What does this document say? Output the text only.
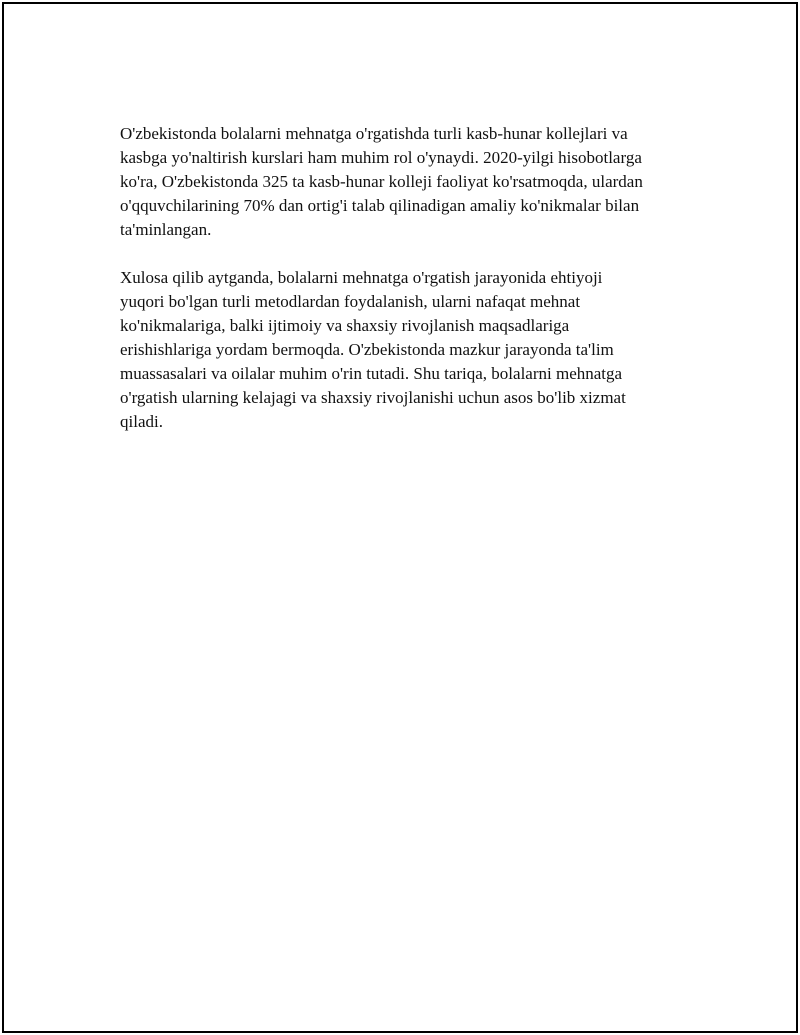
O'zbekistonda bolalarni mehnatga o'rgatishda turli kasb-hunar kollejlari va
kasbga yo'naltirish kurslari ham muhim rol o'ynaydi. 2020-yilgi hisobotlarga
ko'ra, O'zbekistonda 325 ta kasb-hunar kolleji faoliyat ko'rsatmoqda, ulardan
o'qquvchilarining 70% dan ortig'i talab qilinadigan amaliy ko'nikmalar bilan
ta'minlangan.

Xulosa qilib aytganda, bolalarni mehnatga o'rgatish jarayonida ehtiyoji
yuqori bo'lgan turli metodlardan foydalanish, ularni nafaqat mehnat
ko'nikmalariga, balki ijtimoiy va shaxsiy rivojlanish maqsadlariga
erishishlariga yordam bermoqda. O'zbekistonda mazkur jarayonda ta'lim
muassasalari va oilalar muhim o'rin tutadi. Shu tariqa, bolalarni mehnatga
o'rgatish ularning kelajagi va shaxsiy rivojlanishi uchun asos bo'lib xizmat
qiladi.
